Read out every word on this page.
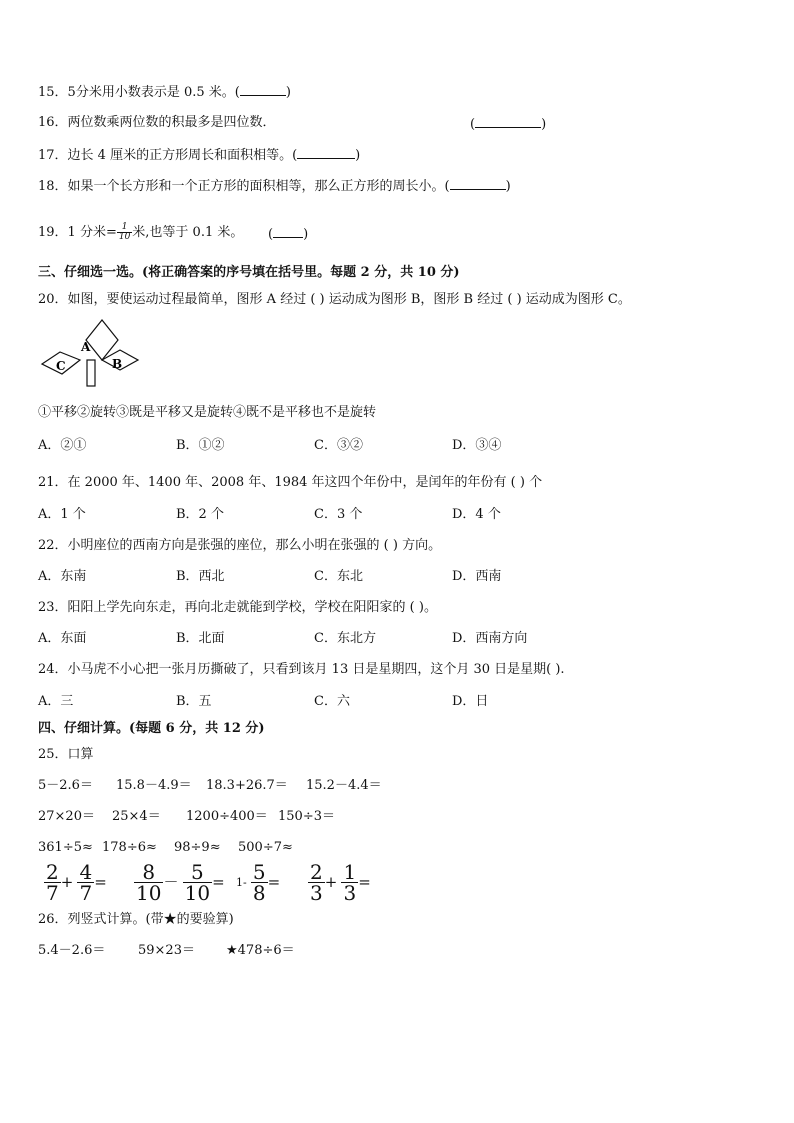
15．5分米用小数表示是 0.5 米。(	)
16．两位数乘两位数的积最多是四位数．	(	)
17．边长 4 厘米的正方形周长和面积相等。(	)
18．如果一个长方形和一个正方形的面积相等，那么正方形的周长小。(	)
19．1 分米= $\frac{1}{10}$ 米,也等于 0.1 米。 ( )
三、仔细选一选。(将正确答案的序号填在括号里。每题 2 分，共 10 分)
20．如图，要使运动过程最简单，图形 A 经过 ( ) 运动成为图形 B，图形 B 经过 ( ) 运动成为图形 C。
A
B
C
①平移②旋转③既是平移又是旋转④既不是平移也不是旋转
A．②①	B．①②	C．③②	D．③④
21．在 2000 年、1400 年、2008 年、1984 年这四个年份中，是闰年的年份有 ( ) 个
A．1 个	B．2 个	C．3 个	D．4 个
22．小明座位的西南方向是张强的座位，那么小明在张强的 ( ) 方向。
A．东南	B．西北	C．东北	D．西南
23．阳阳上学先向东走，再向北走就能到学校，学校在阳阳家的 ( )。
A．东面	B．北面	C．东北方	D．西南方向
24．小马虎不小心把一张月历撕破了，只看到该月 13 日是星期四，这个月 30 日是星期( ).
A．三	B．五	C．六	D．日
四、仔细计算。(每题 6 分，共 12 分)
25．口算
5－2.6＝ 15.8－4.9＝ 18.3+26.7＝ 15.2－4.4＝
27×20＝ 25×4＝ 1200÷400＝ 150÷3＝
361÷5≈ 178÷6≈ 98÷9≈ 500÷7≈
$\frac{2}{7} + \frac{4}{7} = \frac{8}{10} - \frac{5}{10} = 1- \frac{5}{8} = \frac{2}{3} + \frac{1}{3}$ =
26．列竖式计算。(带★的要验算)
5.4－2.6＝	59×23＝ ★478÷6＝
